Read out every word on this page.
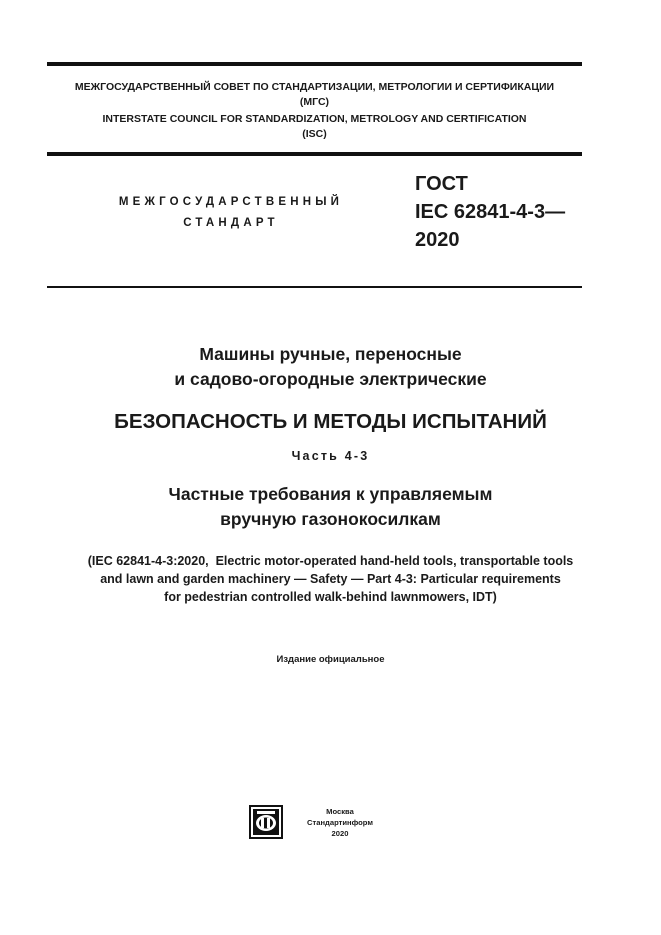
МЕЖГОСУДАРСТВЕННЫЙ СОВЕТ ПО СТАНДАРТИЗАЦИИ, МЕТРОЛОГИИ И СЕРТИФИКАЦИИ
(МГС)
INTERSTATE COUNCIL FOR STANDARDIZATION, METROLOGY AND CERTIFICATION
(ISC)
МЕЖГОСУДАРСТВЕННЫЙ
СТАНДАРТ
ГОСТ
IEC 62841-4-3—
2020
Машины ручные, переносные
и садово-огородные электрические
БЕЗОПАСНОСТЬ И МЕТОДЫ ИСПЫТАНИЙ
Часть 4-3
Частные требования к управляемым
вручную газонокосилкам
(IEC 62841-4-3:2020,  Electric motor-operated hand-held tools, transportable tools
and lawn and garden machinery — Safety — Part 4-3: Particular requirements
for pedestrian controlled walk-behind lawnmowers, IDT)
Издание официальное
Москва
Стандартинформ
2020
